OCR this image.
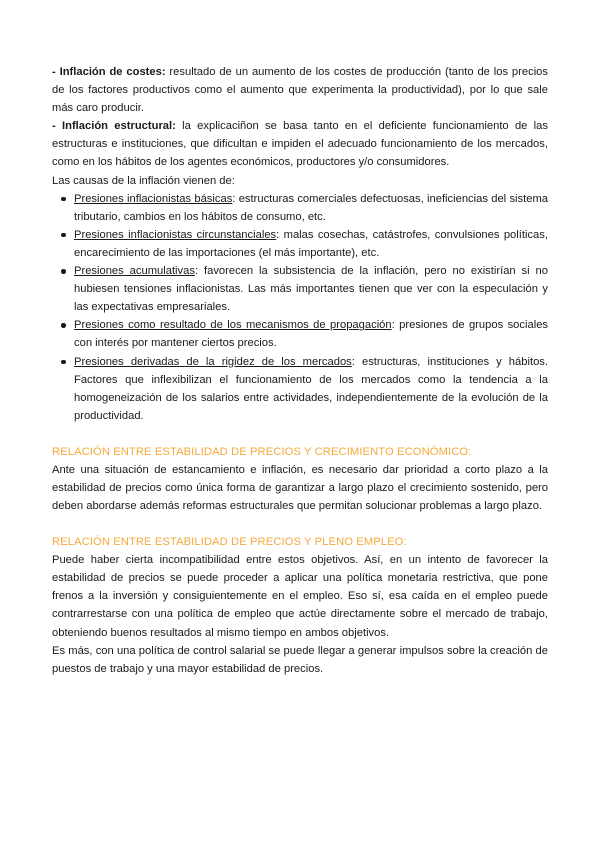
- Inflación de costes: resultado de un aumento de los costes de producción (tanto de los precios de los factores productivos como el aumento que experimenta la productividad), por lo que sale más caro producir.

- Inflación estructural: la explicaciñon se basa tanto en el deficiente funcionamiento de las estructuras e instituciones, que dificultan e impiden el adecuado funcionamiento de los mercados, como en los hábitos de los agentes económicos, productores y/o consumidores.

Las causas de la inflación vienen de:

Presiones inflacionistas básicas: estructuras comerciales defectuosas, ineficiencias del sistema tributario, cambios en los hábitos de consumo, etc.
Presiones inflacionistas circunstanciales: malas cosechas, catástrofes, convulsiones políticas, encarecimiento de las importaciones (el más importante), etc.
Presiones acumulativas: favorecen la subsistencia de la inflación, pero no existirían si no hubiesen tensiones inflacionistas. Las más importantes tienen que ver con la especulación y las expectativas empresariales.
Presiones como resultado de los mecanismos de propagación: presiones de grupos sociales con interés por mantener ciertos precios.
Presiones derivadas de la rigidez de los mercados: estructuras, instituciones y hábitos. Factores que inflexibilizan el funcionamiento de los mercados como la tendencia a la homogeneización de los salarios entre actividades, independientemente de la evolución de la productividad.
RELACIÓN ENTRE ESTABILIDAD DE PRECIOS Y CRECIMIENTO ECONÓMICO:

Ante una situación de estancamiento e inflación, es necesario dar prioridad a corto plazo a la estabilidad de precios como única forma de garantizar a largo plazo el crecimiento sostenido, pero deben abordarse además reformas estructurales que permitan solucionar problemas a largo plazo.

RELACIÓN ENTRE ESTABILIDAD DE PRECIOS Y PLENO EMPLEO:

Puede haber cierta incompatibilidad entre estos objetivos. Así, en un intento de favorecer la estabilidad de precios se puede proceder a aplicar una política monetaria restrictiva, que pone frenos a la inversión y consiguientemente en el empleo. Eso sí, esa caída en el empleo puede contrarrestarse con una política de empleo que actúe directamente sobre el mercado de trabajo, obteniendo buenos resultados al mismo tiempo en ambos objetivos.

Es más, con una política de control salarial se puede llegar a generar impulsos sobre la creación de puestos de trabajo y una mayor estabilidad de precios.
